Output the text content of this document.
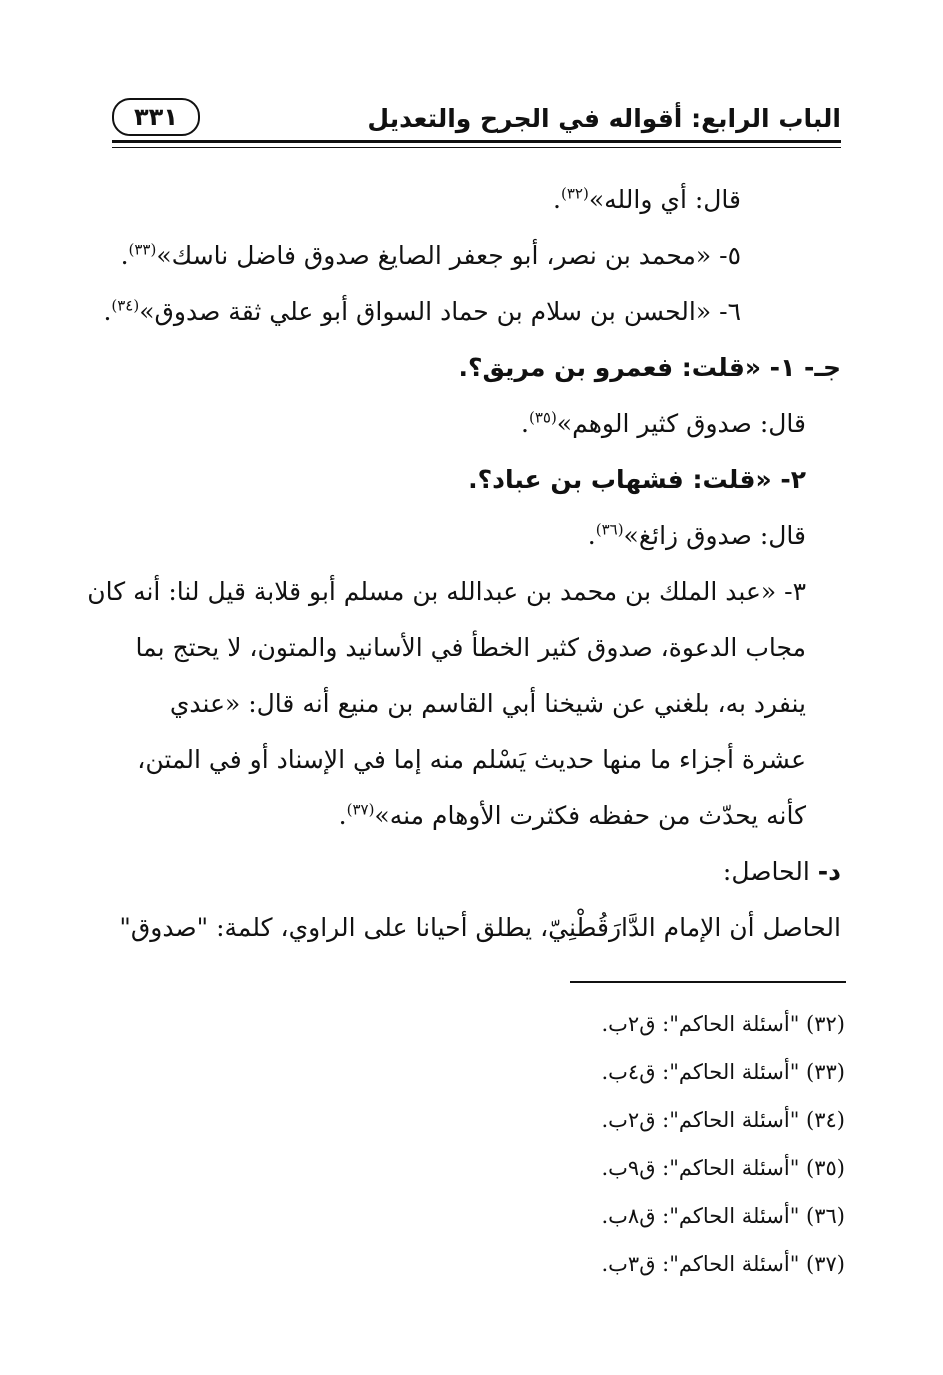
الباب الرابع: أقواله في الجرح والتعديل
٣٣١
قال: أي والله»$^{(٣٢)}$.
٥- «محمد بن نصر، أبو جعفر الصايغ صدوق فاضل ناسك»$^{(٣٣)}$.
٦- «الحسن بن سلام بن حماد السواق أبو علي ثقة صدوق»$^{(٣٤)}$.
جـ- ١- «قلت: فعمرو بن مريق؟.
قال: صدوق كثير الوهم»$^{(٣٥)}$.
٢- «قلت: فشهاب بن عباد؟.
قال: صدوق زائغ»$^{(٣٦)}$.
٣- «عبد الملك بن محمد بن عبدالله بن مسلم أبو قلابة قيل لنا: أنه كان
مجاب الدعوة، صدوق كثير الخطأ في الأسانيد والمتون، لا يحتج بما
ينفرد به، بلغني عن شيخنا أبي القاسم بن منيع أنه قال: «عندي
عشرة أجزاء ما منها حديث يَسْلم منه إما في الإسناد أو في المتن،
كأنه يحدّث من حفظه فكثرت الأوهام منه»$^{(٣٧)}$.
د- الحاصل:
الحاصل أن الإمام الدَّارَقُطْنِيّ، يطلق أحيانا على الراوي، كلمة: "صدوق"
(٣٢) "أسئلة الحاكم": ق٢ب.
(٣٣) "أسئلة الحاكم": ق٤ب.
(٣٤) "أسئلة الحاكم": ق٢ب.
(٣٥) "أسئلة الحاكم": ق٩ب.
(٣٦) "أسئلة الحاكم": ق٨ب.
(٣٧) "أسئلة الحاكم": ق٣ب.
